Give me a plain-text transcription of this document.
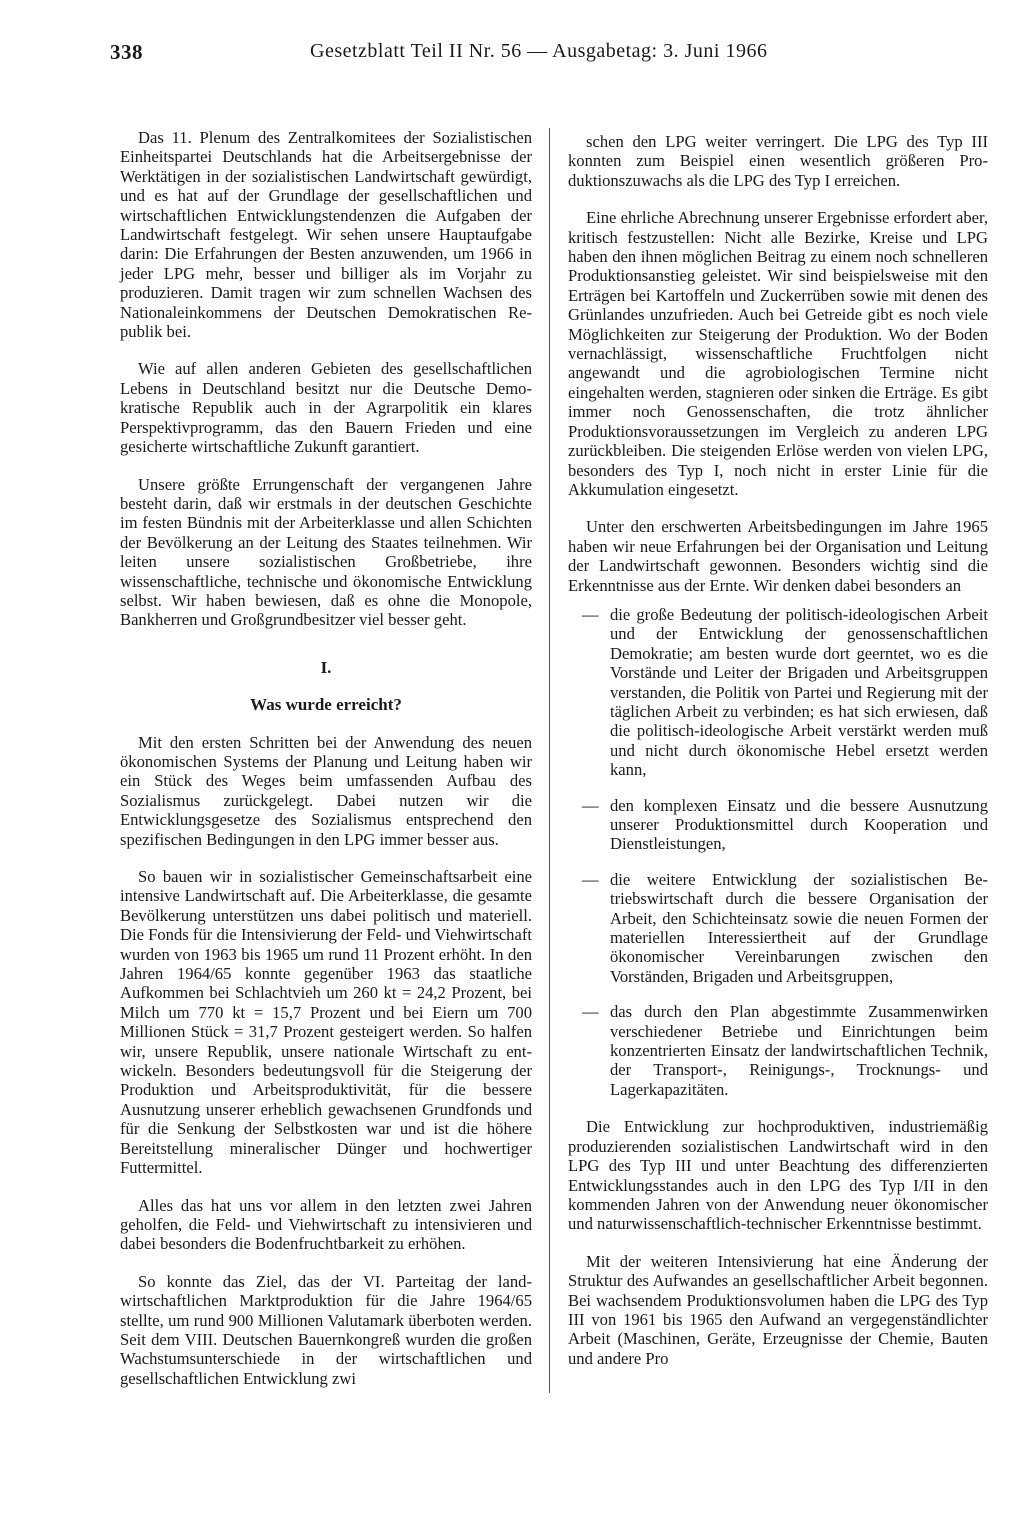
338	Gesetzblatt Teil II Nr. 56 — Ausgabetag: 3. Juni 1966

Das 11. Plenum des Zentralkomitees der Sozialistischen Einheitspartei Deutschlands hat die Arbeitsergebnisse der Werktätigen in der sozialistischen Landwirtschaft gewürdigt, und es hat auf der Grundlage der gesellschaftlichen und wirtschaftlichen Entwicklungstendenzen die Aufgaben der Landwirtschaft festgelegt. Wir sehen unsere Hauptaufgabe darin: Die Erfahrungen der Besten anzuwenden, um 1966 in jeder LPG mehr, besser und billiger als im Vorjahr zu produzieren. Damit tragen wir zum schnellen Wachsen des Nationaleinkommens der Deutschen Demokratischen Republik bei.

Wie auf allen anderen Gebieten des gesellschaftlichen Lebens in Deutschland besitzt nur die Deutsche Demokratische Republik auch in der Agrarpolitik ein klares Perspektivprogramm, das den Bauern Frieden und eine gesicherte wirtschaftliche Zukunft garantiert.

Unsere größte Errungenschaft der vergangenen Jahre besteht darin, daß wir erstmals in der deutschen Geschichte im festen Bündnis mit der Arbeiterklasse und allen Schichten der Bevölkerung an der Leitung des Staates teilnehmen. Wir leiten unsere sozialistischen Großbetriebe, ihre wissenschaftliche, technische und ökonomische Entwicklung selbst. Wir haben bewiesen, daß es ohne die Monopole, Bankherren und Großgrundbesitzer viel besser geht.

I.
Was wurde erreicht?

Mit den ersten Schritten bei der Anwendung des neuen ökonomischen Systems der Planung und Leitung haben wir ein Stück des Weges beim umfassenden Aufbau des Sozialismus zurückgelegt. Dabei nutzen wir die Entwicklungsgesetze des Sozialismus entsprechend den spezifischen Bedingungen in den LPG immer besser aus.

So bauen wir in sozialistischer Gemeinschaftsarbeit eine intensive Landwirtschaft auf. Die Arbeiterklasse, die gesamte Bevölkerung unterstützen uns dabei politisch und materiell. Die Fonds für die Intensivierung der Feld- und Viehwirtschaft wurden von 1963 bis 1965 um rund 11 Prozent erhöht. In den Jahren 1964/65 konnte gegenüber 1963 das staatliche Aufkommen bei Schlachtvieh um 260 kt = 24,2 Prozent, bei Milch um 770 kt = 15,7 Prozent und bei Eiern um 700 Millionen Stück = 31,7 Prozent gesteigert werden. So halfen wir, unsere Republik, unsere nationale Wirtschaft zu entwickeln. Besonders bedeutungsvoll für die Steigerung der Produktion und Arbeitsproduktivität, für die bessere Ausnutzung unserer erheblich gewachsenen Grundfonds und für die Senkung der Selbstkosten war und ist die höhere Bereitstellung mineralischer Dünger und hochwertiger Futtermittel.

Alles das hat uns vor allem in den letzten zwei Jahren geholfen, die Feld- und Viehwirtschaft zu intensivieren und dabei besonders die Bodenfruchtbarkeit zu erhöhen.

So konnte das Ziel, das der VI. Parteitag der landwirtschaftlichen Marktproduktion für die Jahre 1964/65 stellte, um rund 900 Millionen Valutamark überboten werden. Seit dem VIII. Deutschen Bauernkongreß wurden die großen Wachstumsunterschiede in der wirtschaftlichen und gesellschaftlichen Entwicklung zwi

schen den LPG weiter verringert. Die LPG des Typ III konnten zum Beispiel einen wesentlich größeren Produktionszuwachs als die LPG des Typ I erreichen.

Eine ehrliche Abrechnung unserer Ergebnisse erfordert aber, kritisch festzustellen: Nicht alle Bezirke, Kreise und LPG haben den ihnen möglichen Beitrag zu einem noch schnelleren Produktionsanstieg geleistet. Wir sind beispielsweise mit den Erträgen bei Kartoffeln und Zuckerrüben sowie mit denen des Grünlandes unzufrieden. Auch bei Getreide gibt es noch viele Möglichkeiten zur Steigerung der Produktion. Wo der Boden vernachlässigt, wissenschaftliche Fruchtfolgen nicht angewandt und die agrobiologischen Termine nicht eingehalten werden, stagnieren oder sinken die Erträge. Es gibt immer noch Genossenschaften, die trotz ähnlicher Produktionsvoraussetzungen im Vergleich zu anderen LPG zurückbleiben. Die steigenden Erlöse werden von vielen LPG, besonders des Typ I, noch nicht in erster Linie für die Akkumulation eingesetzt.

Unter den erschwerten Arbeitsbedingungen im Jahre 1965 haben wir neue Erfahrungen bei der Organisation und Leitung der Landwirtschaft gewonnen. Besonders wichtig sind die Erkenntnisse aus der Ernte. Wir denken dabei besonders an

— die große Bedeutung der politisch-ideologischen Arbeit und der Entwicklung der genossenschaftlichen Demokratie; am besten wurde dort geerntet, wo es die Vorstände und Leiter der Brigaden und Arbeitsgruppen verstanden, die Politik von Partei und Regierung mit der täglichen Arbeit zu verbinden; es hat sich erwiesen, daß die politisch-ideologische Arbeit verstärkt werden muß und nicht durch ökonomische Hebel ersetzt werden kann,
— den komplexen Einsatz und die bessere Ausnutzung unserer Produktionsmittel durch Kooperation und Dienstleistungen,
— die weitere Entwicklung der sozialistischen Betriebswirtschaft durch die bessere Organisation der Arbeit, den Schichteinsatz sowie die neuen Formen der materiellen Interessiertheit auf der Grundlage ökonomischer Vereinbarungen zwischen den Vorständen, Brigaden und Arbeitsgruppen,
— das durch den Plan abgestimmte Zusammenwirken verschiedener Betriebe und Einrichtungen beim konzentrierten Einsatz der landwirtschaftlichen Technik, der Transport-, Reinigungs-, Trocknungs- und Lagerkapazitäten.

Die Entwicklung zur hochproduktiven, industriemäßig produzierenden sozialistischen Landwirtschaft wird in den LPG des Typ III und unter Beachtung des differenzierten Entwicklungsstandes auch in den LPG des Typ I/II in den kommenden Jahren von der Anwendung neuer ökonomischer und naturwissenschaftlich-technischer Erkenntnisse bestimmt.

Mit der weiteren Intensivierung hat eine Änderung der Struktur des Aufwandes an gesellschaftlicher Arbeit begonnen. Bei wachsendem Produktionsvolumen haben die LPG des Typ III von 1961 bis 1965 den Aufwand an vergegenständlichter Arbeit (Maschinen, Geräte, Erzeugnisse der Chemie, Bauten und andere Pro
